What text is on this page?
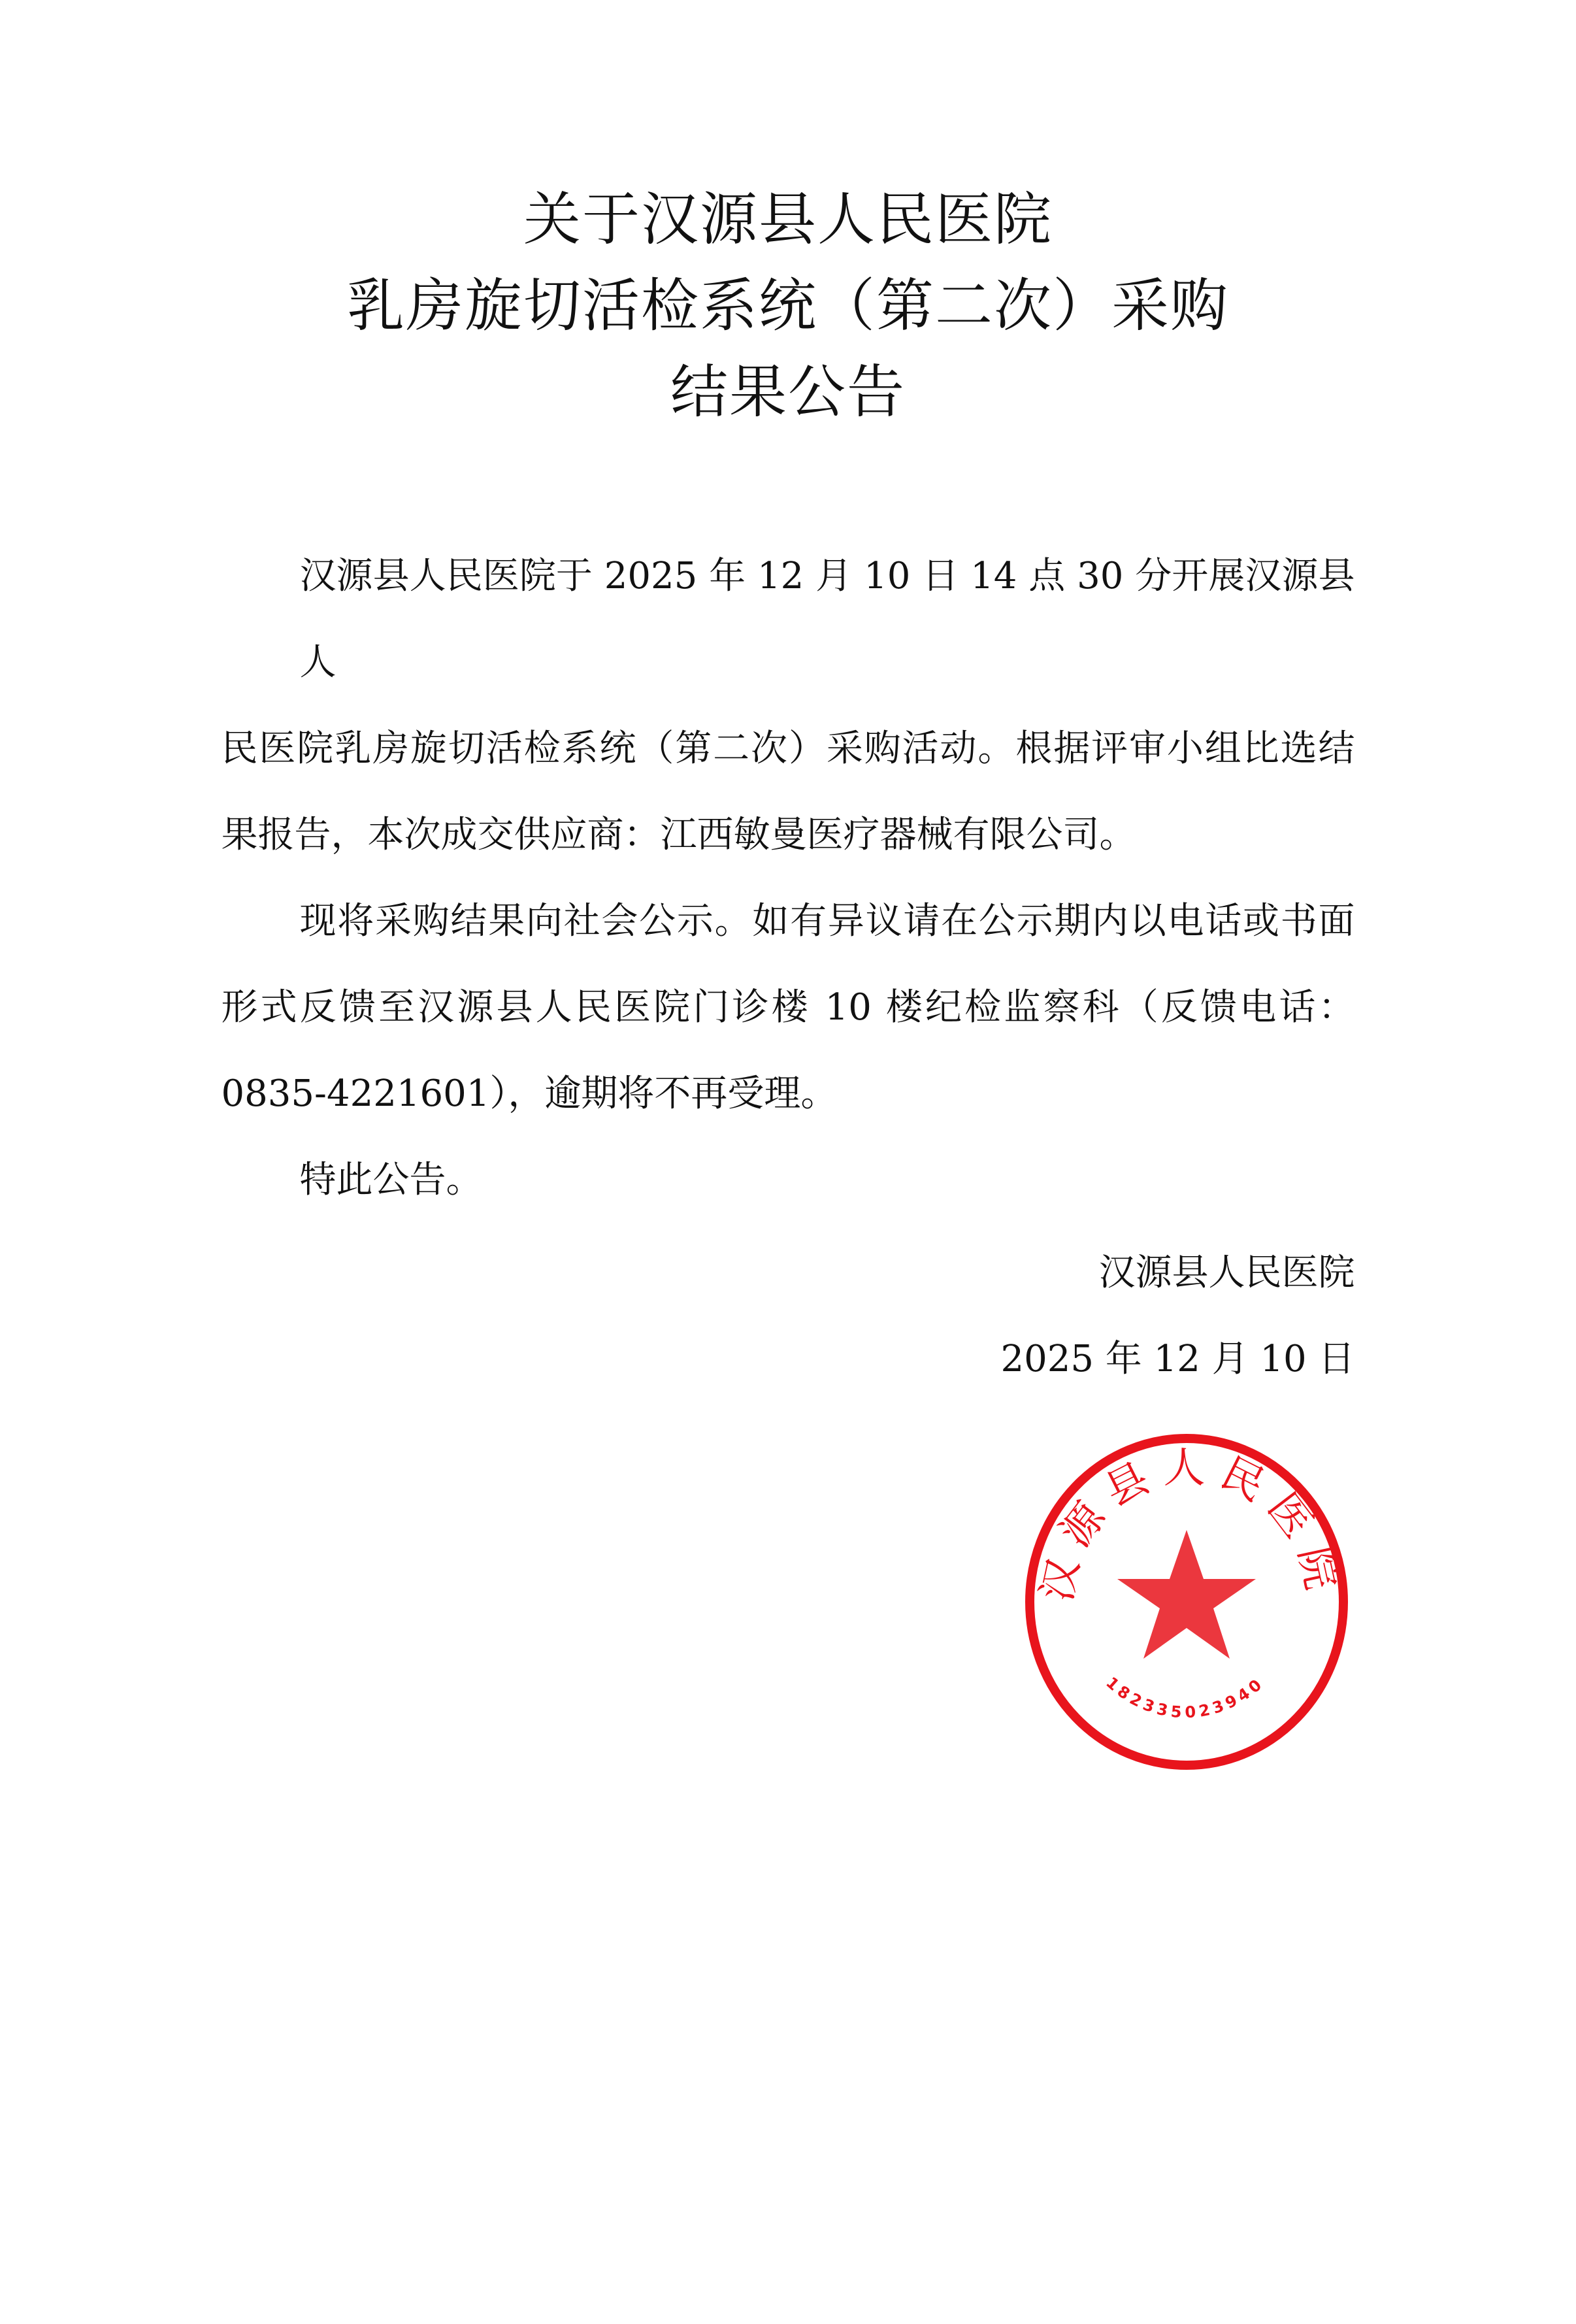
关于汉源县人民医院
乳房旋切活检系统（第二次）采购
结果公告
汉源县人民医院于 2025 年 12 月 10 日 14 点 30 分开展汉源县人
民医院乳房旋切活检系统（第二次）采购活动。根据评审小组比选结
果报告，本次成交供应商：江西敏曼医疗器械有限公司。
现将采购结果向社会公示。如有异议请在公示期内以电话或书面
形式反馈至汉源县人民医院门诊楼 10 楼纪检监察科（反馈电话：
0835-4221601），逾期将不再受理。
特此公告。
汉源县人民医院
2025 年 12 月 10 日
汉源县人民医院
182335023940
